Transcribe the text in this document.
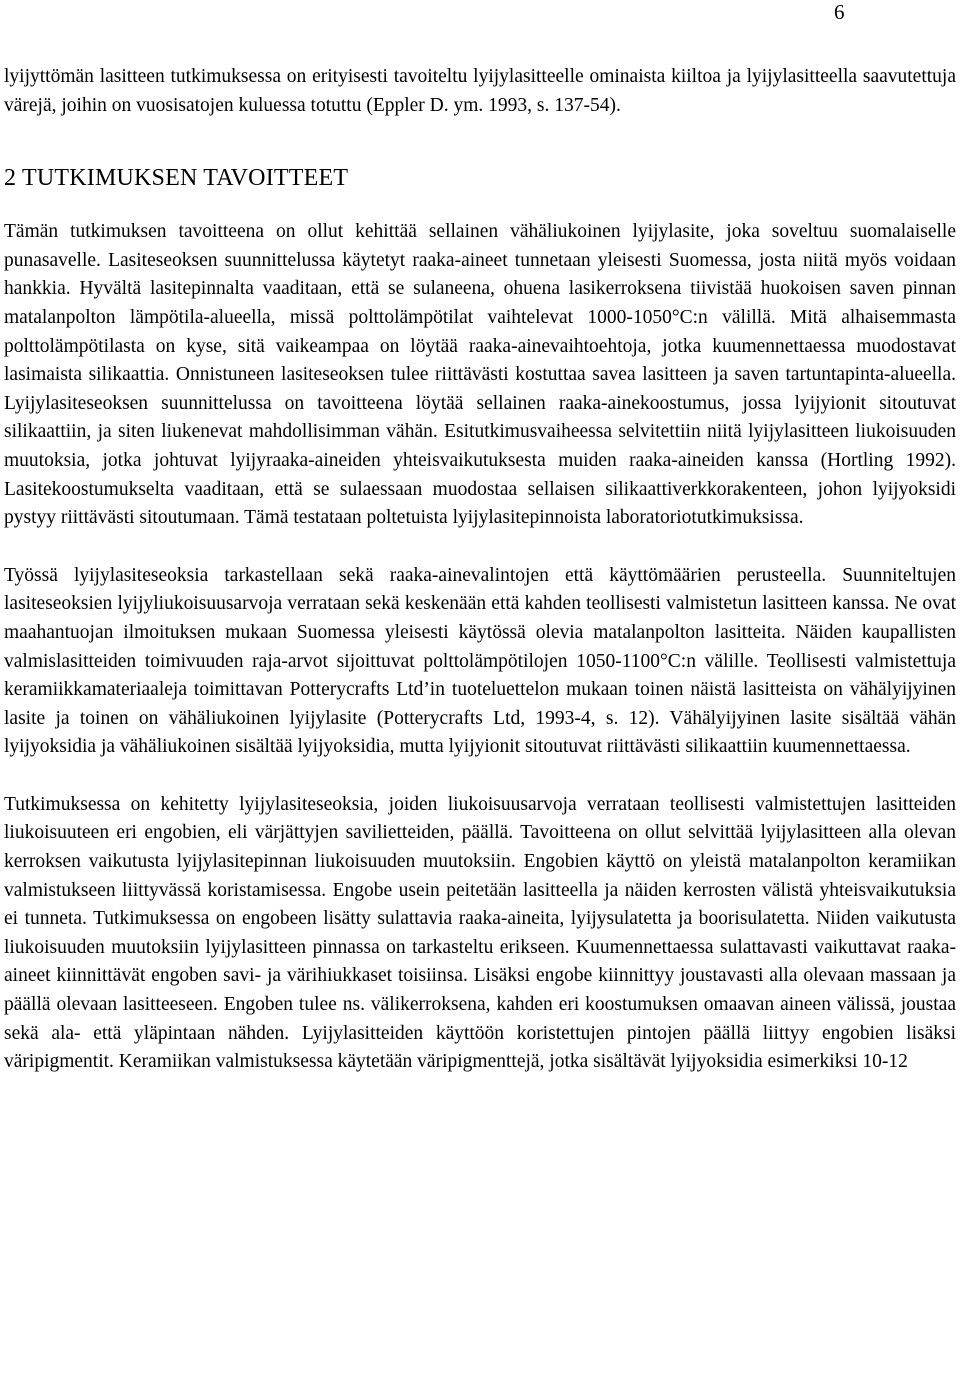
6

lyijyttömän lasitteen tutkimuksessa on erityisesti tavoiteltu lyijylasitteelle ominaista kiiltoa ja lyijylasitteella saavutettuja värejä, joihin on vuosisatojen kuluessa totuttu (Eppler D. ym. 1993, s. 137-54).

2 TUTKIMUKSEN TAVOITTEET

Tämän tutkimuksen tavoitteena on ollut kehittää sellainen vähäliukoinen lyijylasite, joka soveltuu suomalaiselle punasavelle. Lasiteseoksen suunnittelussa käytetyt raaka-aineet tunnetaan yleisesti Suomessa, josta niitä myös voidaan hankkia. Hyvältä lasitepinnalta vaaditaan, että se sulaneena, ohuena lasikerroksena tiivistää huokoisen saven pinnan matalanpolton lämpötila-alueella, missä polttolämpötilat vaihtelevat 1000-1050°C:n välillä. Mitä alhaisemmasta polttolämpötilasta on kyse, sitä vaikeampaa on löytää raaka-ainevaihtoehtoja, jotka kuumennettaessa muodostavat lasimaista silikaattia. Onnistuneen lasiteseoksen tulee riittävästi kostuttaa savea lasitteen ja saven tartuntapinta-alueella. Lyijylasiteseoksen suunnittelussa on tavoitteena löytää sellainen raaka-ainekoostumus, jossa lyijyionit sitoutuvat silikaattiin, ja siten liukenevat mahdollisimman vähän. Esitutkimusvaiheessa selvitettiin niitä lyijylasitteen liukoisuuden muutoksia, jotka johtuvat lyijyraaka-aineiden yhteisvaikutuksesta muiden raaka-aineiden kanssa (Hortling 1992). Lasitekoostumukselta vaaditaan, että se sulaessaan muodostaa sellaisen silikaattiverkkorakenteen, johon lyijyoksidi pystyy riittävästi sitoutumaan. Tämä testataan poltetuista lyijylasitepinnoista laboratoriotutkimuksissa.

Työssä lyijylasiteseoksia tarkastellaan sekä raaka-ainevalintojen että käyttömäärien perusteella. Suunniteltujen lasiteseoksien lyijyliukoisuusarvoja verrataan sekä keskenään että kahden teollisesti valmistetun lasitteen kanssa. Ne ovat maahantuojan ilmoituksen mukaan Suomessa yleisesti käytössä olevia matalanpolton lasitteita. Näiden kaupallisten valmislasitteiden toimivuuden raja-arvot sijoittuvat polttolämpötilojen 1050-1100°C:n välille. Teollisesti valmistettuja keramiikkamateriaaleja toimittavan Potterycrafts Ltd’in tuoteluettelon mukaan toinen näistä lasitteista on vähälyijyinen lasite ja toinen on vähäliukoinen lyijylasite (Potterycrafts Ltd, 1993-4, s. 12). Vähälyijyinen lasite sisältää vähän lyijyoksidia ja vähäliukoinen sisältää lyijyoksidia, mutta lyijyionit sitoutuvat riittävästi silikaattiin kuumennettaessa.

Tutkimuksessa on kehitetty lyijylasiteseoksia, joiden liukoisuusarvoja verrataan teollisesti valmistettujen lasitteiden liukoisuuteen eri engobien, eli värjättyjen savilietteiden, päällä. Tavoitteena on ollut selvittää lyijylasitteen alla olevan kerroksen vaikutusta lyijylasitepinnan liukoisuuden muutoksiin. Engobien käyttö on yleistä matalanpolton keramiikan valmistukseen liittyvässä koristamisessa. Engobe usein peitetään lasitteella ja näiden kerrosten välistä yhteisvaikutuksia ei tunneta. Tutkimuksessa on engobeen lisätty sulattavia raaka-aineita, lyijysulatetta ja boorisulatetta. Niiden vaikutusta liukoisuuden muutoksiin lyijylasitteen pinnassa on tarkasteltu erikseen. Kuumennettaessa sulattavasti vaikuttavat raaka-aineet kiinnittävät engoben savi- ja värihiukkaset toisiinsa. Lisäksi engobe kiinnittyy joustavasti alla olevaan massaan ja päällä olevaan lasitteeseen. Engoben tulee ns. välikerroksena, kahden eri koostumuksen omaavan aineen välissä, joustaa sekä ala- että yläpintaan nähden. Lyijylasitteiden käyttöön koristettujen pintojen päällä liittyy engobien lisäksi väripigmentit. Keramiikan valmistuksessa käytetään väripigmenttejä, jotka sisältävät lyijyoksidia esimerkiksi 10-12
